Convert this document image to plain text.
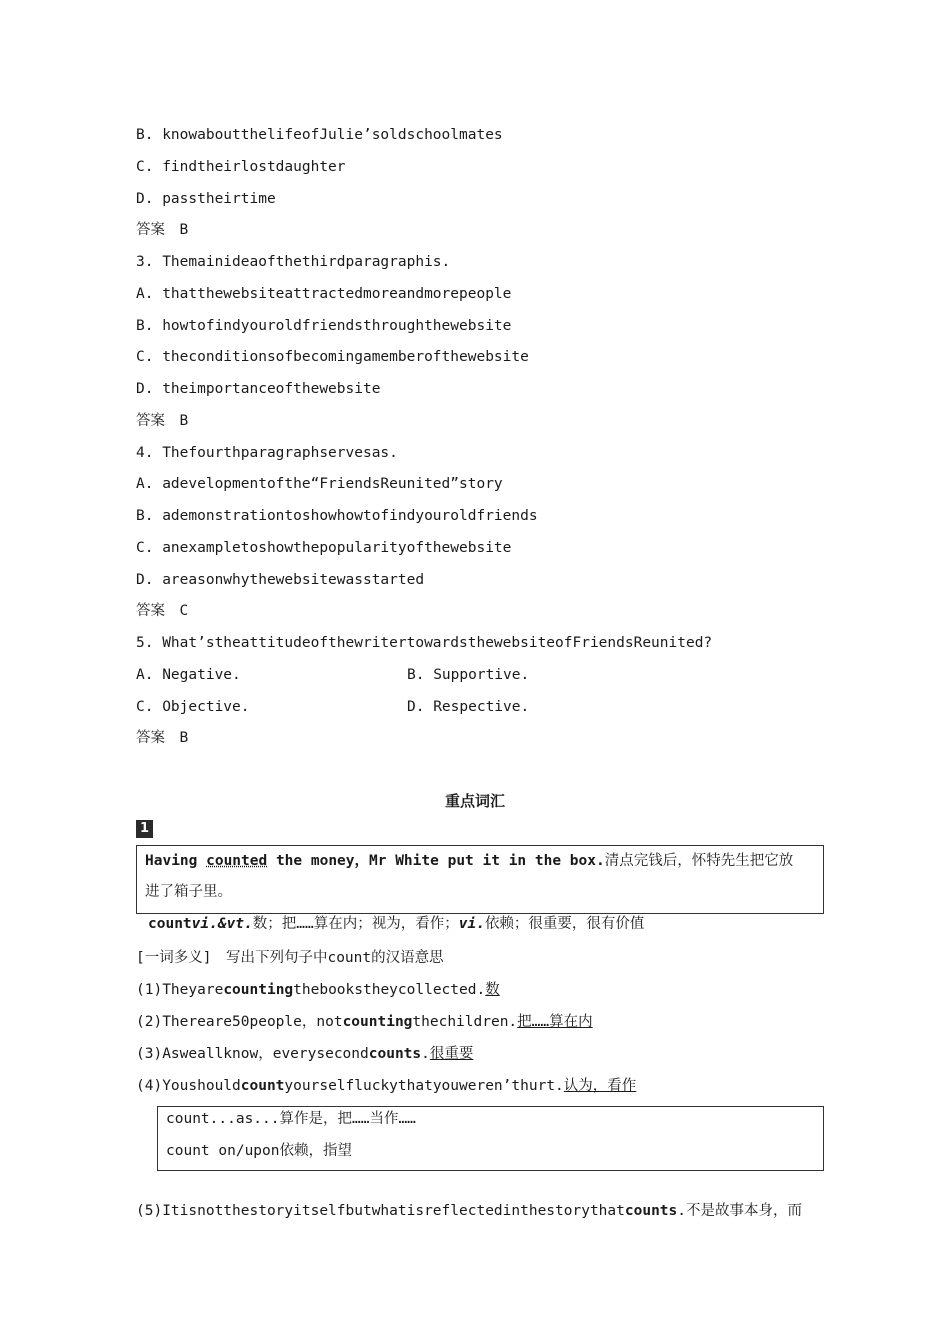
B. knowaboutthelifeofJulie’soldschoolmates
C. findtheirlostdaughter
D. passtheirtime
答案　B
3. Themainideaofthethirdparagraphis.
A. thatthewebsiteattractedmoreandmorepeople
B. howtofindyouroldfriendsthroughthewebsite
C. theconditionsofbecomingamemberofthewebsite
D. theimportanceofthewebsite
答案　B
4. Thefourthparagraphservesas.
A. adevelopmentofthe“FriendsReunited”story
B. ademonstrationtoshowhowtofindyouroldfriends
C. anexampletoshowthepopularityofthewebsite
D. areasonwhythewebsitewasstarted
答案　C
5. What’stheattitudeofthewritertowardsthewebsiteofFriendsReunited?
A. Negative.	B. Supportive.
C. Objective.	D. Respective.
答案　B
重点词汇
1
Having counted the money，Mr White put it in the box.清点完钱后，怀特先生把它放
进了箱子里。
countvi.&vt.数；把……算在内；视为，看作；vi.依赖；很重要，很有价值
[一词多义]　写出下列句子中count的汉语意思
(1)Theyarecountingthebookstheycollected.数
(2)Thereare50people，notcountingthechildren.把……算在内
(3)Asweallknow，everysecondcounts.很重要
(4)Youshouldcountyourselfluckythatyouweren’thurt.认为，看作
count...as...算作是，把……当作……
count on/upon依赖，指望
(5)Itisnotthestoryitselfbutwhatisreflectedinthestorythatcounts.不是故事本身，而
